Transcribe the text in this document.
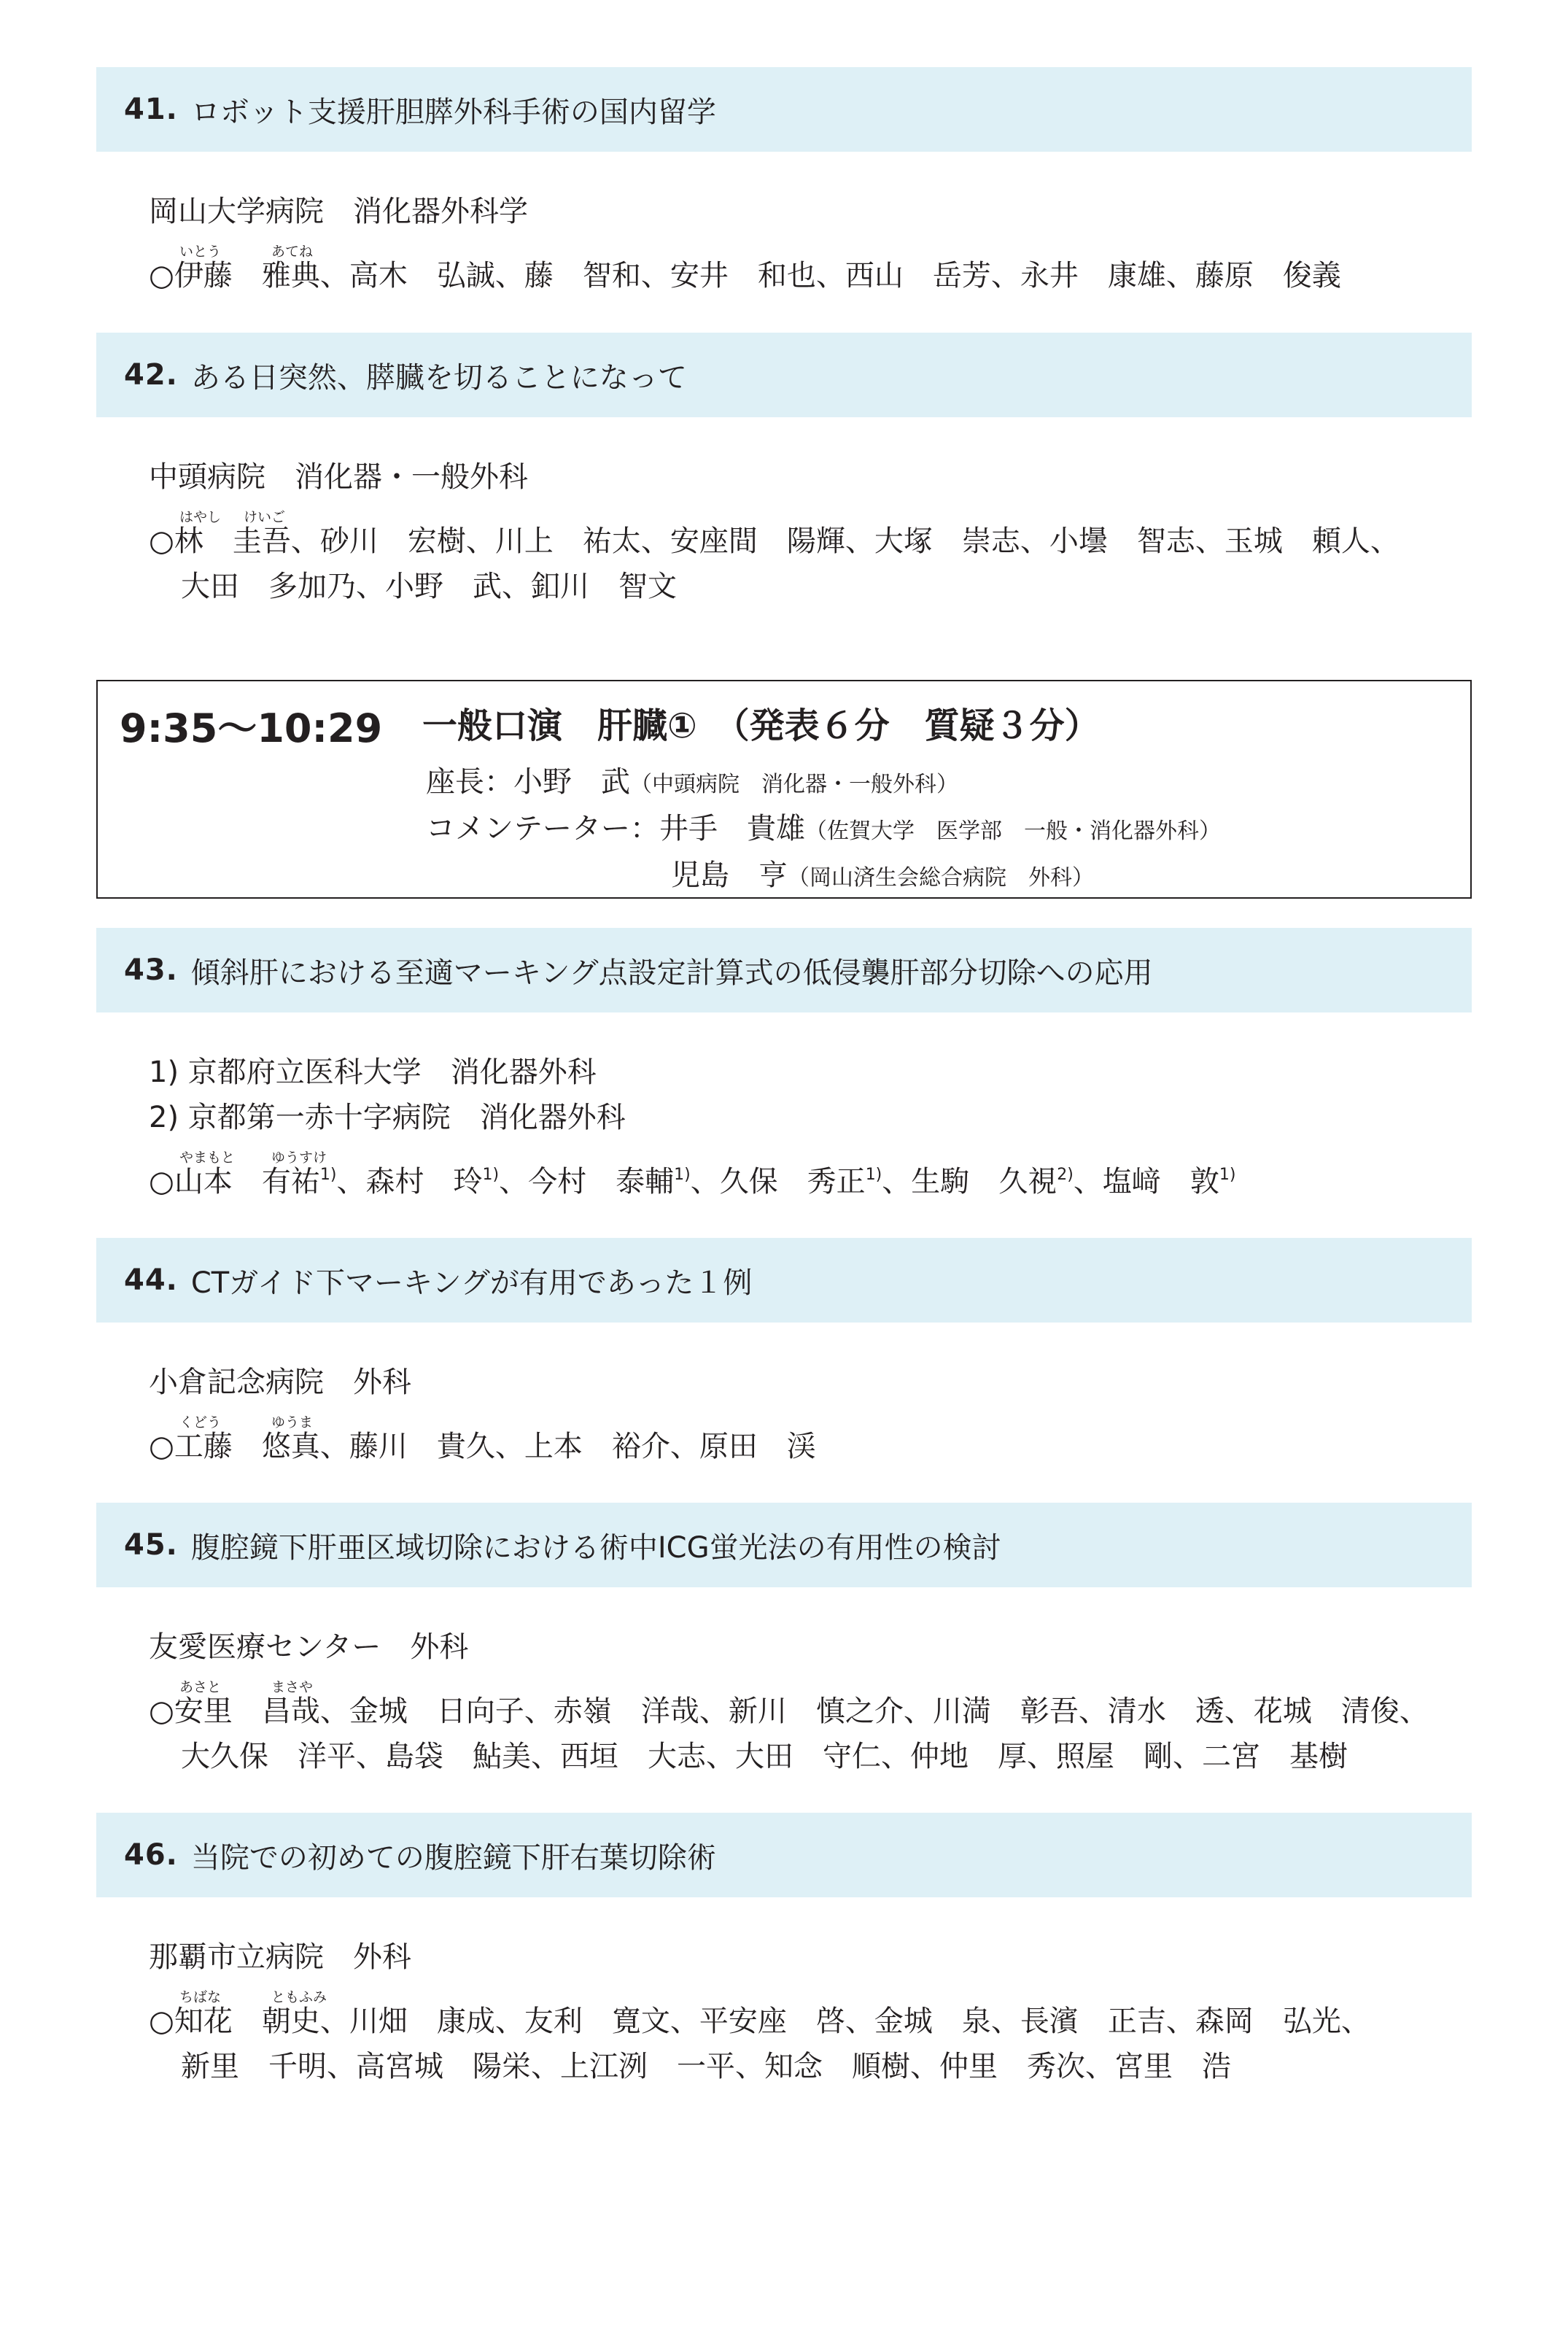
41. ロボット支援肝胆膵外科手術の国内留学
岡山大学病院　消化器外科学
いとう	あてね
○伊藤　雅典、高木　弘誠、藤　智和、安井　和也、西山　岳芳、永井　康雄、藤原　俊義
42. ある日突然、膵臓を切ることになって
中頭病院　消化器・一般外科
はやし けいご
○林　圭吾、砂川　宏樹、川上　祐太、安座間　陽輝、大塚　崇志、小壜　智志、玉城　頼人、
大田　多加乃、小野　武、釦川　智文
9:35〜10:29 一般口演　肝臓①　（発表６分　質疑３分）
座長：小野　武（中頭病院　消化器・一般外科）
コメンテーター：井手　貴雄（佐賀大学　医学部　一般・消化器外科）
児島　亨（岡山済生会総合病院　外科）
43. 傾斜肝における至適マーキング点設定計算式の低侵襲肝部分切除への応用
1) 京都府立医科大学　消化器外科
2) 京都第一赤十字病院　消化器外科
やまもと	ゆうすけ
○山本　有祐$^{1)}$、森村　玲$^{1)}$、今村　泰輔$^{1)}$、久保　秀正$^{1)}$、生駒　久視$^{2)}$、塩﨑　敦$^{1)}$
44. CTガイド下マーキングが有用であった１例
小倉記念病院　外科
くどう	ゆうま
○工藤　悠真、藤川　貴久、上本　裕介、原田　渓
45. 腹腔鏡下肝亜区域切除における術中ICG蛍光法の有用性の検討
友愛医療センター　外科
あさと	まさや
○安里　昌哉、金城　日向子、赤嶺　洋哉、新川　慎之介、川満　彰吾、清水　透、花城　清俊、
大久保　洋平、島袋　鮎美、西垣　大志、大田　守仁、仲地　厚、照屋　剛、二宮　基樹
46. 当院での初めての腹腔鏡下肝右葉切除術
那覇市立病院　外科
ちばな	ともふみ
○知花　朝史、川畑　康成、友利　寛文、平安座　啓、金城　泉、長濱　正吉、森岡　弘光、
新里　千明、高宮城　陽栄、上江洌　一平、知念　順樹、仲里　秀次、宮里　浩
